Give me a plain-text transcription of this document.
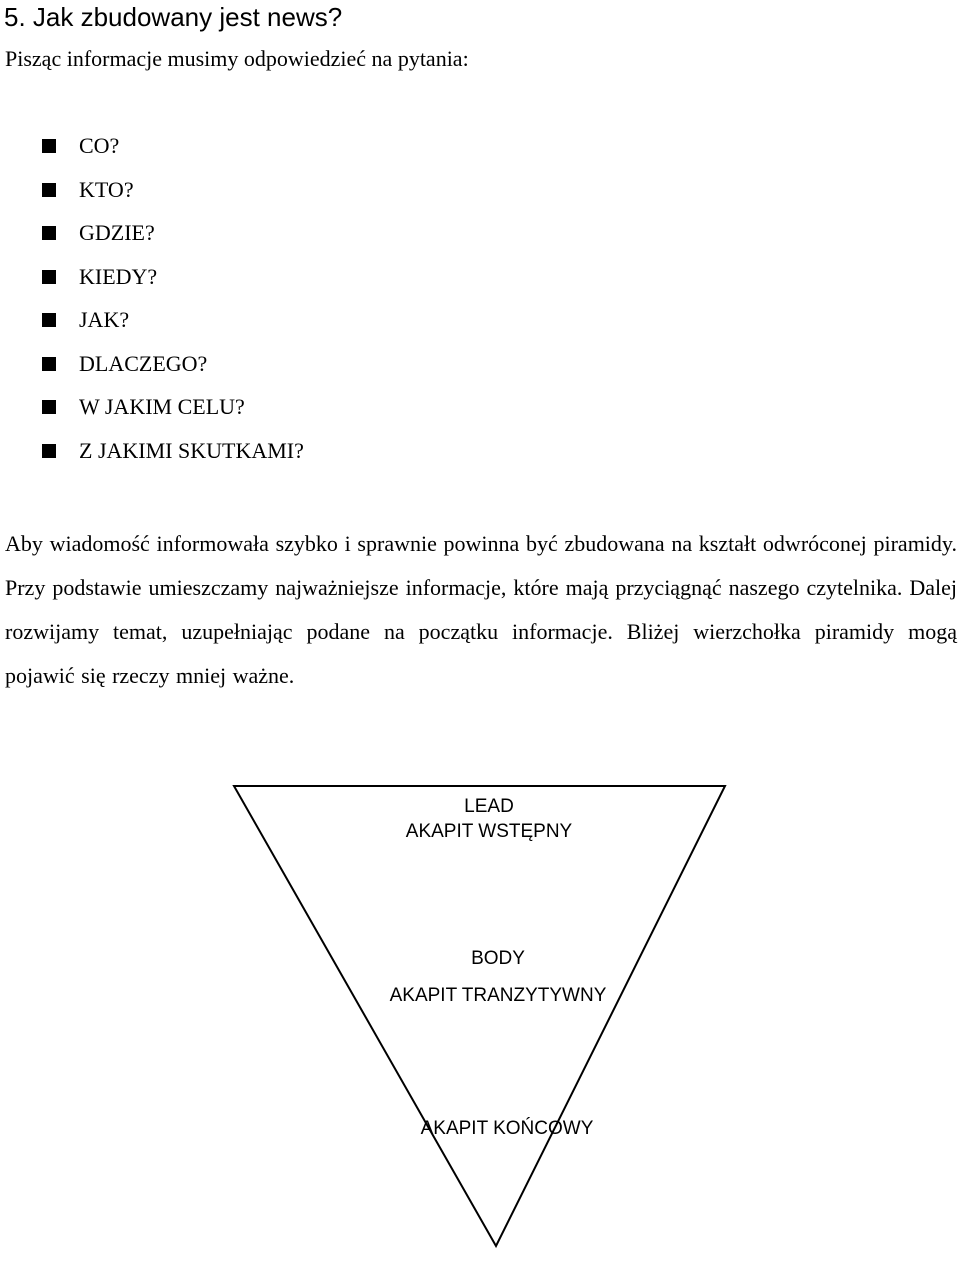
5. Jak zbudowany jest news?

Pisząc informacje musimy odpowiedzieć na pytania:

CO?
KTO?
GDZIE?
KIEDY?
JAK?
DLACZEGO?
W JAKIM CELU?
Z JAKIMI SKUTKAMI?

Aby wiadomość informowała szybko i sprawnie powinna być zbudowana na kształt odwróconej piramidy. Przy podstawie umieszczamy najważniejsze informacje, które mają przyciągnąć naszego czytelnika. Dalej rozwijamy temat, uzupełniając podane na początku informacje. Bliżej wierzchołka piramidy mogą pojawić się rzeczy mniej ważne.

LEAD
AKAPIT WSTĘPNY
BODY
AKAPIT TRANZYTYWNY
AKAPIT KOŃCOWY
